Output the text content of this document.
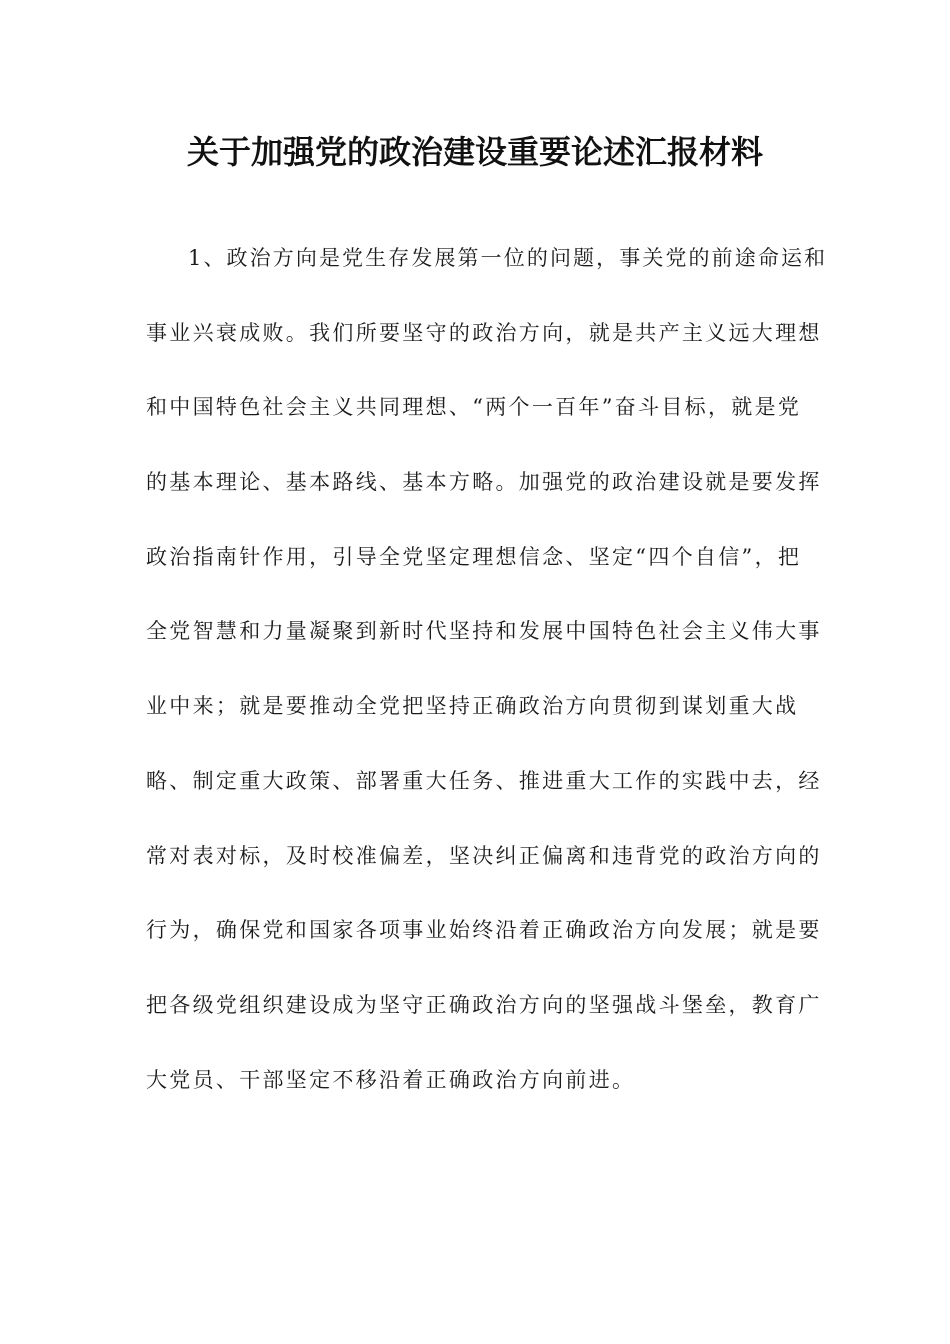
关于加强党的政治建设重要论述汇报材料
1、政治方向是党生存发展第一位的问题，事关党的前途命运和
事业兴衰成败。我们所要坚守的政治方向，就是共产主义远大理想
和中国特色社会主义共同理想、“两个一百年”奋斗目标，就是党
的基本理论、基本路线、基本方略。加强党的政治建设就是要发挥
政治指南针作用，引导全党坚定理想信念、坚定“四个自信”，把
全党智慧和力量凝聚到新时代坚持和发展中国特色社会主义伟大事
业中来；就是要推动全党把坚持正确政治方向贯彻到谋划重大战
略、制定重大政策、部署重大任务、推进重大工作的实践中去，经
常对表对标，及时校准偏差，坚决纠正偏离和违背党的政治方向的
行为，确保党和国家各项事业始终沿着正确政治方向发展；就是要
把各级党组织建设成为坚守正确政治方向的坚强战斗堡垒，教育广
大党员、干部坚定不移沿着正确政治方向前进。
